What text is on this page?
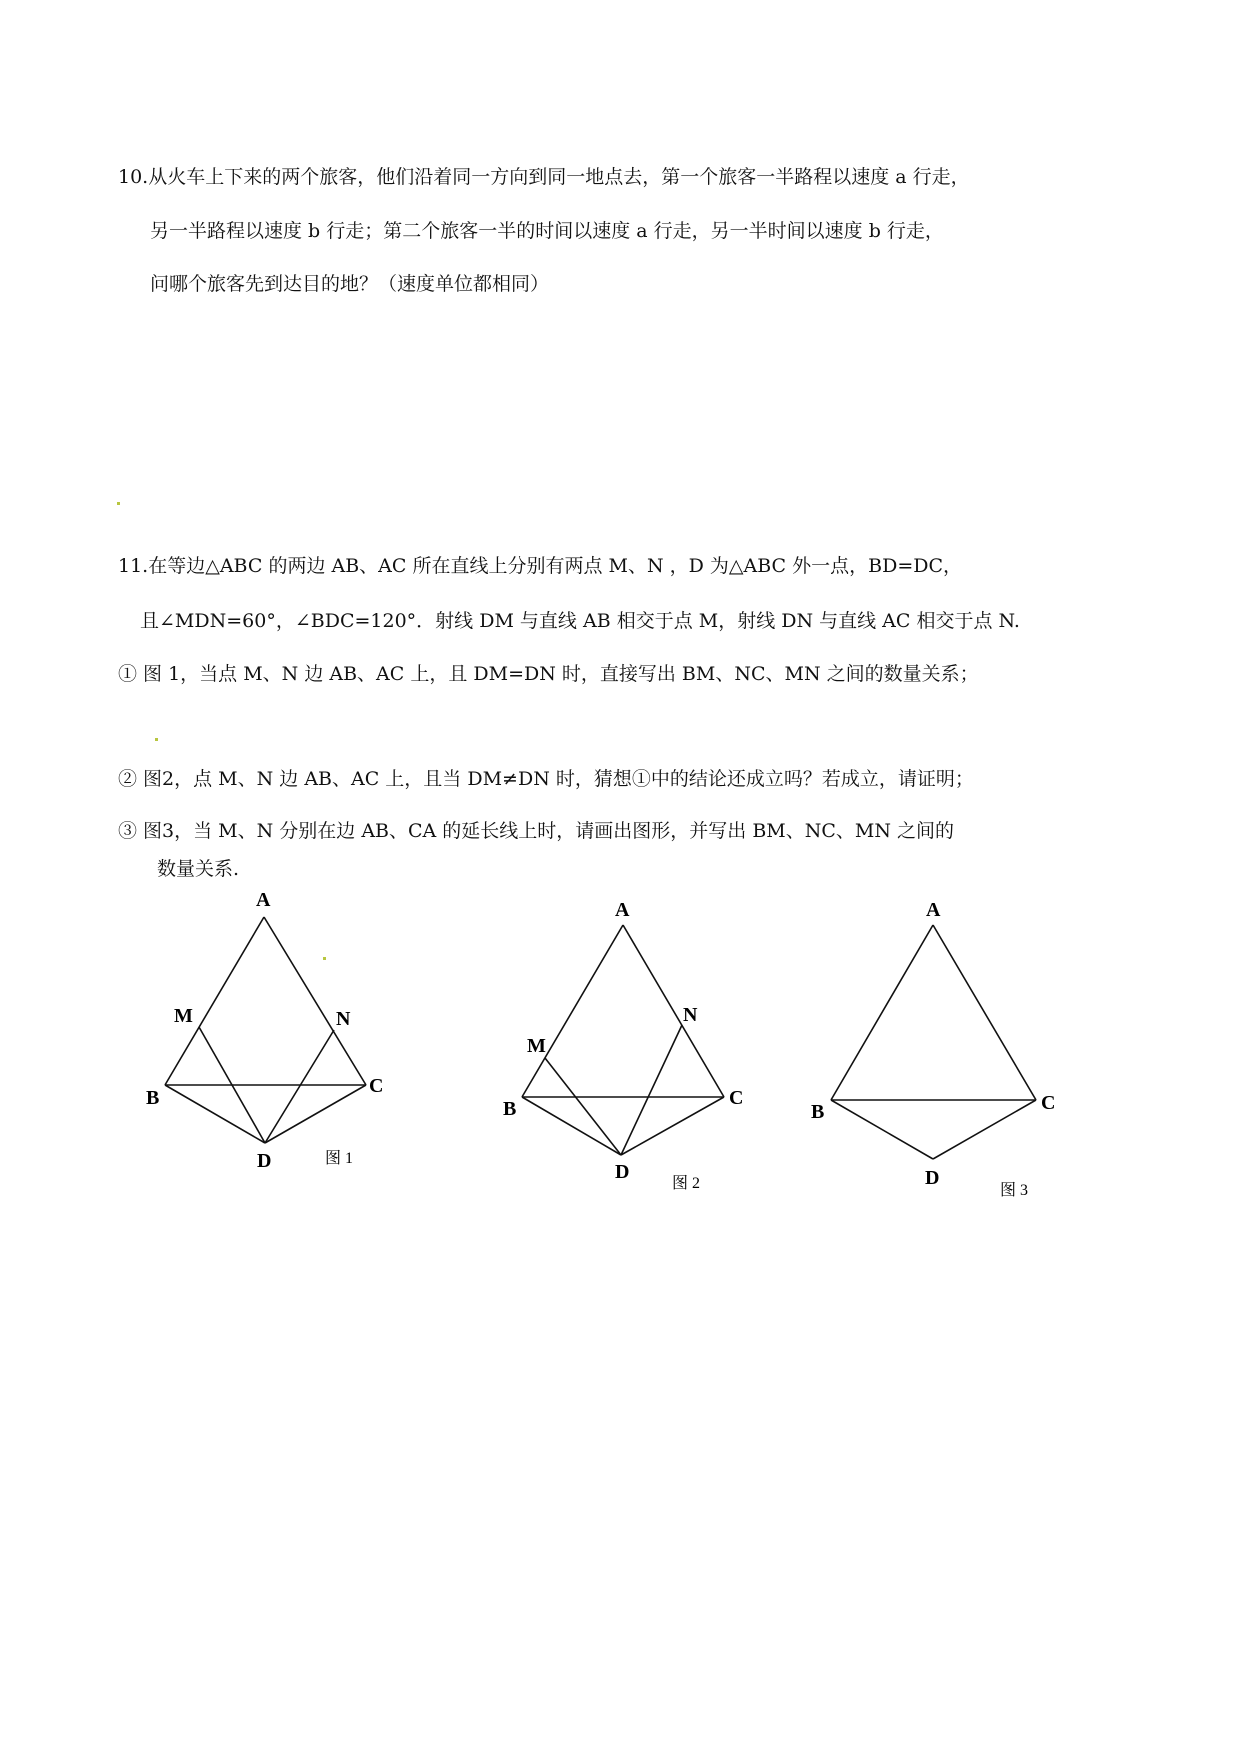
10.从火车上下来的两个旅客，他们沿着同一方向到同一地点去，第一个旅客一半路程以速度 a 行走，
另一半路程以速度 b 行走；第二个旅客一半的时间以速度 a 行走，另一半时间以速度 b 行走，
问哪个旅客先到达目的地？（速度单位都相同）
11.在等边△ABC 的两边 AB、AC 所在直线上分别有两点 M、N ，D 为△ABC 外一点，BD=DC，
且∠MDN=60°，∠BDC=120°．射线 DM 与直线 AB 相交于点 M，射线 DN 与直线 AC 相交于点 N.
① 图 1，当点 M、N 边 AB、AC 上，且 DM=DN 时，直接写出 BM、NC、MN 之间的数量关系；
② 图2，点 M、N 边 AB、AC 上，且当 DM≠DN 时，猜想①中的结论还成立吗？若成立，请证明；
③ 图3，当 M、N 分别在边 AB、CA 的延长线上时，请画出图形，并写出 BM、NC、MN 之间的
数量关系.
A
M	N
B
C
D	图 1
A
M
N
B	C
D
图 2
A
B	C
D
图 3
